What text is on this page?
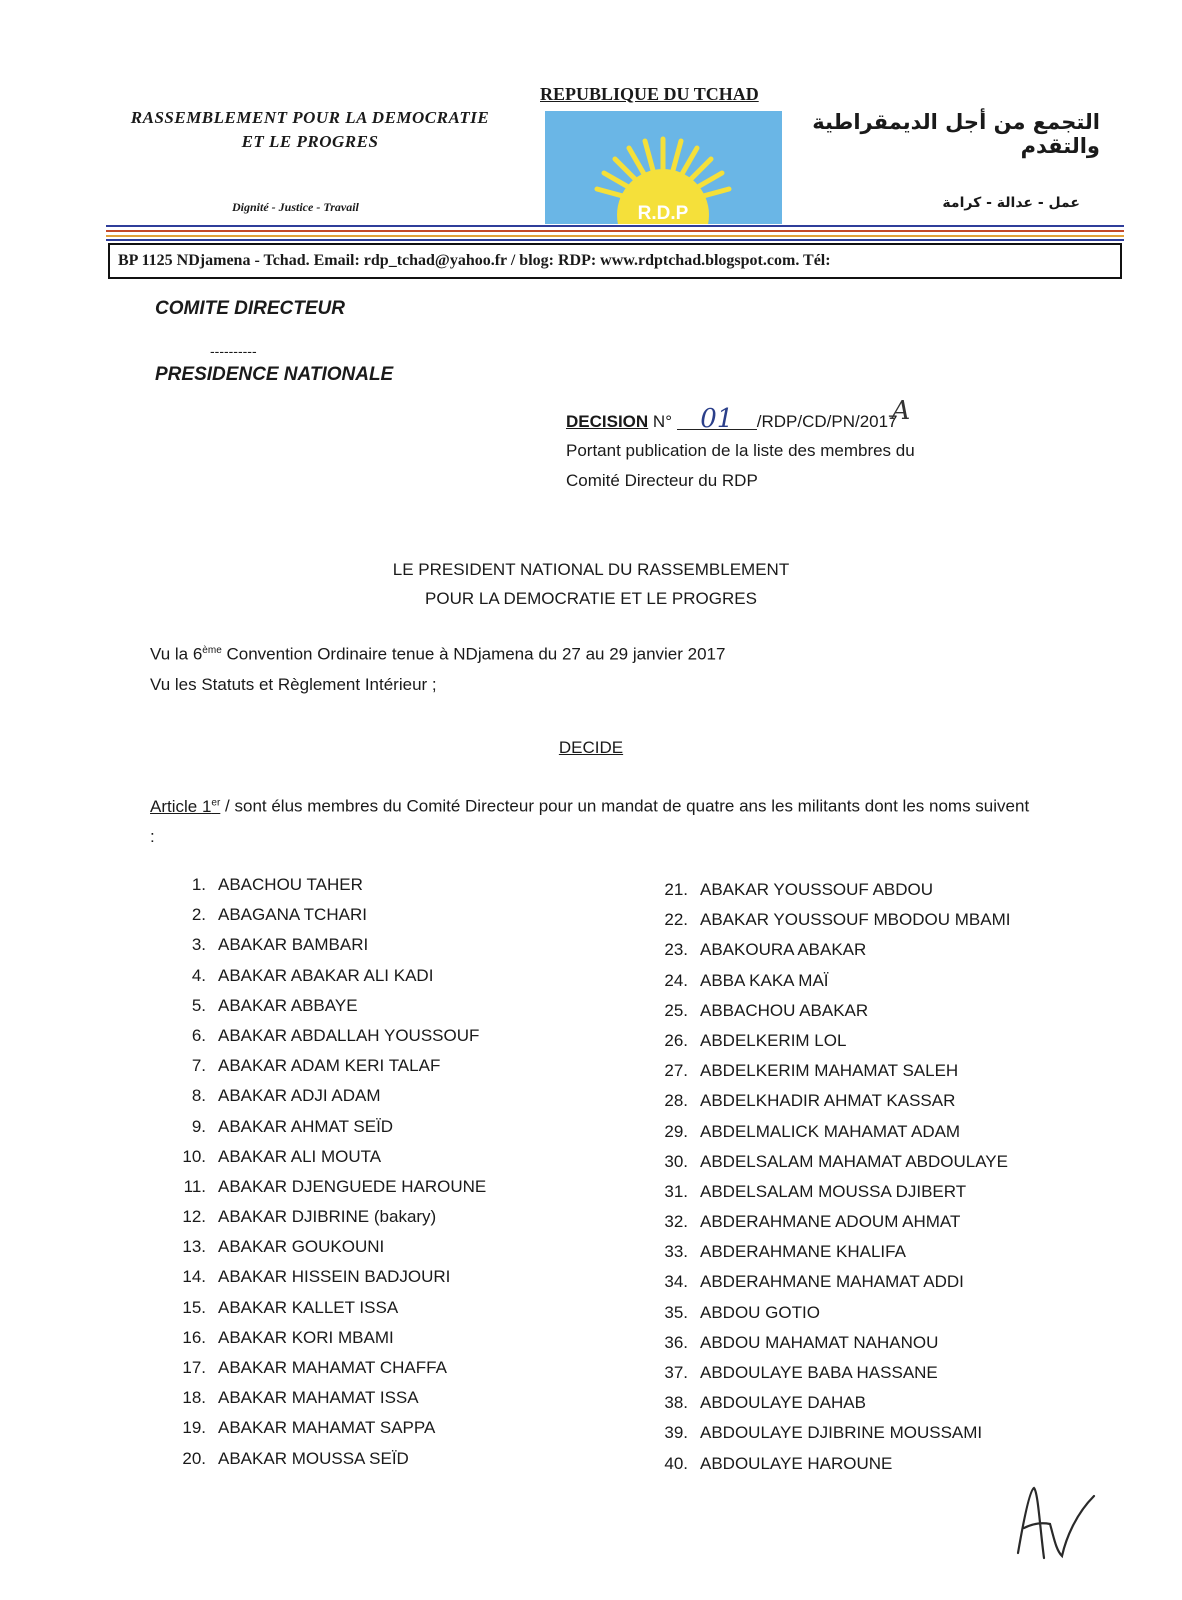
RASSEMBLEMENT POUR LA DEMOCRATIE
ET LE PROGRES
Dignité - Justice - Travail
REPUBLIQUE DU TCHAD
R.D.P
التجمع من أجل الديمقراطية والتقدم
عمل - عدالة - كرامة
BP 1125 NDjamena - Tchad. Email: rdp_tchad@yahoo.fr / blog: RDP: www.rdptchad.blogspot.com. Tél:
COMITE DIRECTEUR
----------
PRESIDENCE NATIONALE
DECISION N° 01 /RDP/CD/PN/2017A
Portant publication de la liste des membres du
Comité Directeur du RDP
LE PRESIDENT NATIONAL DU RASSEMBLEMENT
POUR LA DEMOCRATIE ET LE PROGRES
Vu la 6ème Convention Ordinaire tenue à NDjamena du 27 au 29 janvier 2017
Vu les Statuts et Règlement Intérieur ;
DECIDE
Article 1er / sont élus membres du Comité Directeur pour un mandat de quatre ans les militants dont les noms suivent :
1. ABACHOU TAHER
2. ABAGANA TCHARI
3. ABAKAR BAMBARI
4. ABAKAR ABAKAR ALI KADI
5. ABAKAR ABBAYE
6. ABAKAR ABDALLAH YOUSSOUF
7. ABAKAR ADAM KERI TALAF
8. ABAKAR ADJI ADAM
9. ABAKAR AHMAT SEÏD
10. ABAKAR ALI MOUTA
11. ABAKAR DJENGUEDE HAROUNE
12. ABAKAR DJIBRINE (bakary)
13. ABAKAR GOUKOUNI
14. ABAKAR HISSEIN BADJOURI
15. ABAKAR KALLET ISSA
16. ABAKAR KORI MBAMI
17. ABAKAR MAHAMAT CHAFFA
18. ABAKAR MAHAMAT ISSA
19. ABAKAR MAHAMAT SAPPA
20. ABAKAR MOUSSA SEÏD
21. ABAKAR YOUSSOUF ABDOU
22. ABAKAR YOUSSOUF MBODOU MBAMI
23. ABAKOURA ABAKAR
24. ABBA KAKA MAÏ
25. ABBACHOU ABAKAR
26. ABDELKERIM LOL
27. ABDELKERIM MAHAMAT SALEH
28. ABDELKHADIR AHMAT KASSAR
29. ABDELMALICK MAHAMAT ADAM
30. ABDELSALAM MAHAMAT ABDOULAYE
31. ABDELSALAM MOUSSA DJIBERT
32. ABDERAHMANE ADOUM AHMAT
33. ABDERAHMANE KHALIFA
34. ABDERAHMANE MAHAMAT ADDI
35. ABDOU GOTIO
36. ABDOU MAHAMAT NAHANOU
37. ABDOULAYE BABA HASSANE
38. ABDOULAYE DAHAB
39. ABDOULAYE DJIBRINE MOUSSAMI
40. ABDOULAYE HAROUNE
